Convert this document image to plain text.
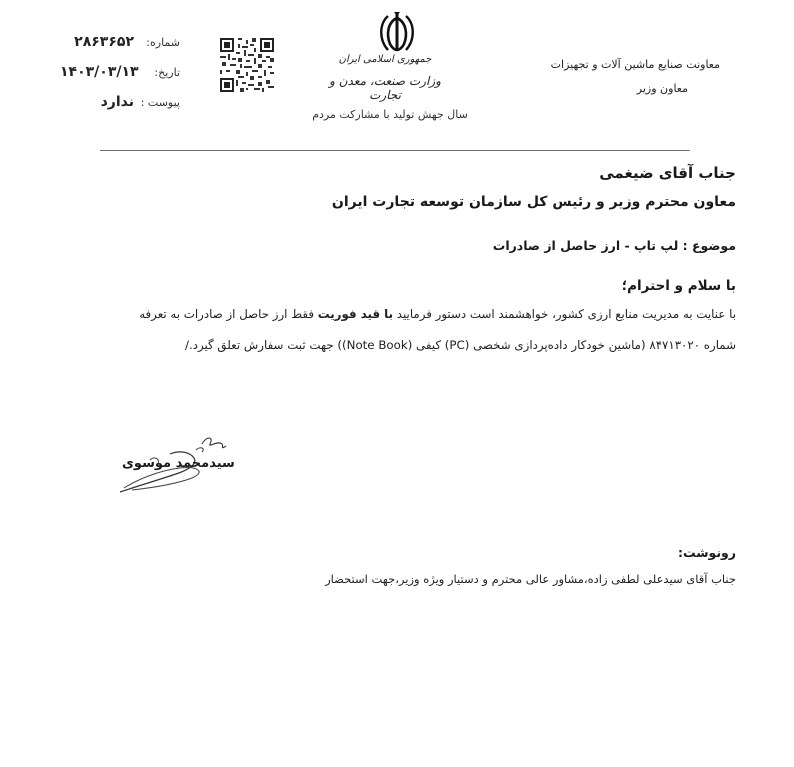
شماره:
۲۸۶۳۶۵۲
تاریخ:
۱۴۰۳/۰۳/۱۳
پیوست :
ندارد
جمهوری اسلامی ایران
وزارت صنعت، معدن و تجارت
سال جهش تولید با مشارکت مردم
معاونت صنایع ماشین آلات و تجهیزات
معاون وزیر
جناب آقای ضیغمی
معاون محترم وزیر و رئیس کل سازمان توسعه تجارت ایران
موضوع : لپ تاپ - ارز حاصل از صادرات
با سلام و احترام؛
با عنایت به مدیریت منابع ارزی کشور، خواهشمند است دستور فرمایید با قید فوریت فقط ارز حاصل از صادرات به تعرفه
شماره ۸۴۷۱۳۰۲۰ (ماشین خودکار داده‌پردازی شخصی (PC) کیفی (Note Book)) جهت ثبت سفارش تعلق گیرد./
سیدمحمد موسوی
رونوشت:
جناب آقای سیدعلی لطفی زاده،مشاور عالی محترم و دستیار ویژه وزیر،جهت استحضار
